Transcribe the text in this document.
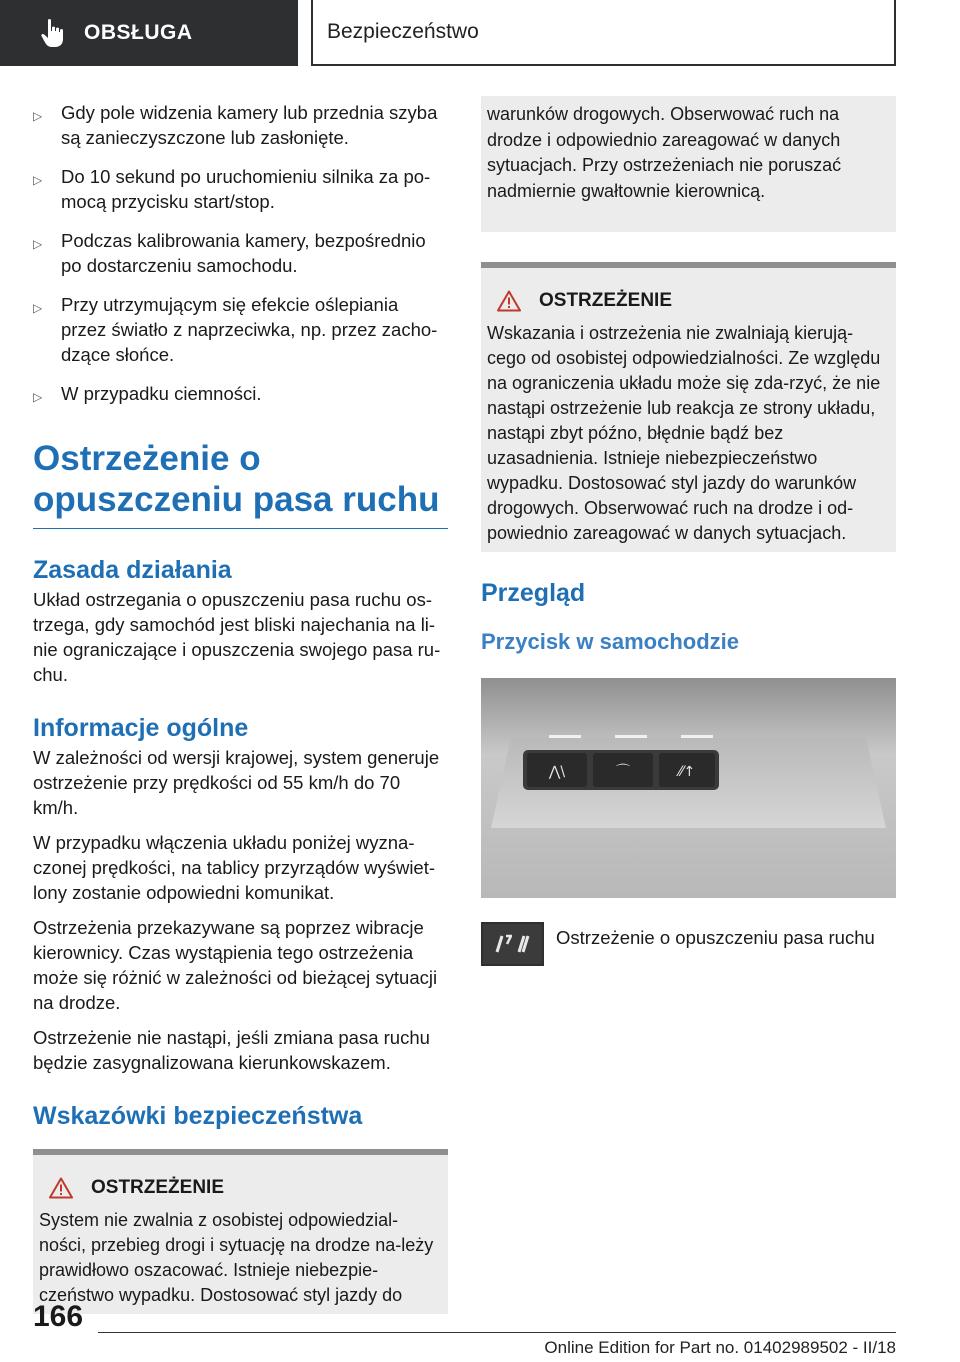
OBSŁUGA	Bezpieczeństwo
▷	Gdy pole widzenia kamery lub przednia szyba są zanieczyszczone lub zasłonięte.
▷	Do 10 sekund po uruchomieniu silnika za po‐mocą przycisku start/stop.
▷	Podczas kalibrowania kamery, bezpośrednio po dostarczeniu samochodu.
▷	Przy utrzymującym się efekcie oślepiania przez światło z naprzeciwka, np. przez zacho‐dzące słońce.
▷	W przypadku ciemności.
Ostrzeżenie o opuszczeniu pasa ruchu
Zasada działania

Układ ostrzegania o opuszczeniu pasa ruchu os‐trzega, gdy samochód jest bliski najechania na li‐nie ograniczające i opuszczenia swojego pasa ru‐chu.

Informacje ogólne

W zależności od wersji krajowej, system generuje ostrzeżenie przy prędkości od 55 km/h do 70 km/h.

W przypadku włączenia układu poniżej wyzna‐czonej prędkości, na tablicy przyrządów wyświet‐lony zostanie odpowiedni komunikat.

Ostrzeżenia przekazywane są poprzez wibracje kierownicy. Czas wystąpienia tego ostrzeżenia może się różnić w zależności od bieżącej sytuacji na drodze.

Ostrzeżenie nie nastąpi, jeśli zmiana pasa ruchu będzie zasygnalizowana kierunkowskazem.

Wskazówki bezpieczeństwa
OSTRZEŻENIE
System nie zwalnia z osobistej odpowiedzial‐ności, przebieg drogi i sytuację na drodze na‐leży prawidłowo oszacować. Istnieje niebezpie‐czeństwo wypadku. Dostosować styl jazdy do
warunków drogowych. Obserwować ruch na drodze i odpowiednio zareagować w danych sytuacjach. Przy ostrzeżeniach nie poruszać nadmiernie gwałtownie kierownicą.
OSTRZEŻENIE
Wskazania i ostrzeżenia nie zwalniają kierują‐cego od osobistej odpowiedzialności. Ze względu na ograniczenia układu może się zda‐rzyć, że nie nastąpi ostrzeżenie lub reakcja ze strony układu, nastąpi zbyt późno, błędnie bądź bez uzasadnienia. Istnieje niebezpieczeństwo wypadku. Dostosować styl jazdy do warunków drogowych. Obserwować ruch na drodze i od‐powiednio zareagować w danych sytuacjach.
Przegląd
Przycisk w samochodzie
⋀\	⌒	⁄⁄↑
Ostrzeżenie o opuszczeniu pasa ruchu
166
Online Edition for Part no. 01402989502 - II/18
